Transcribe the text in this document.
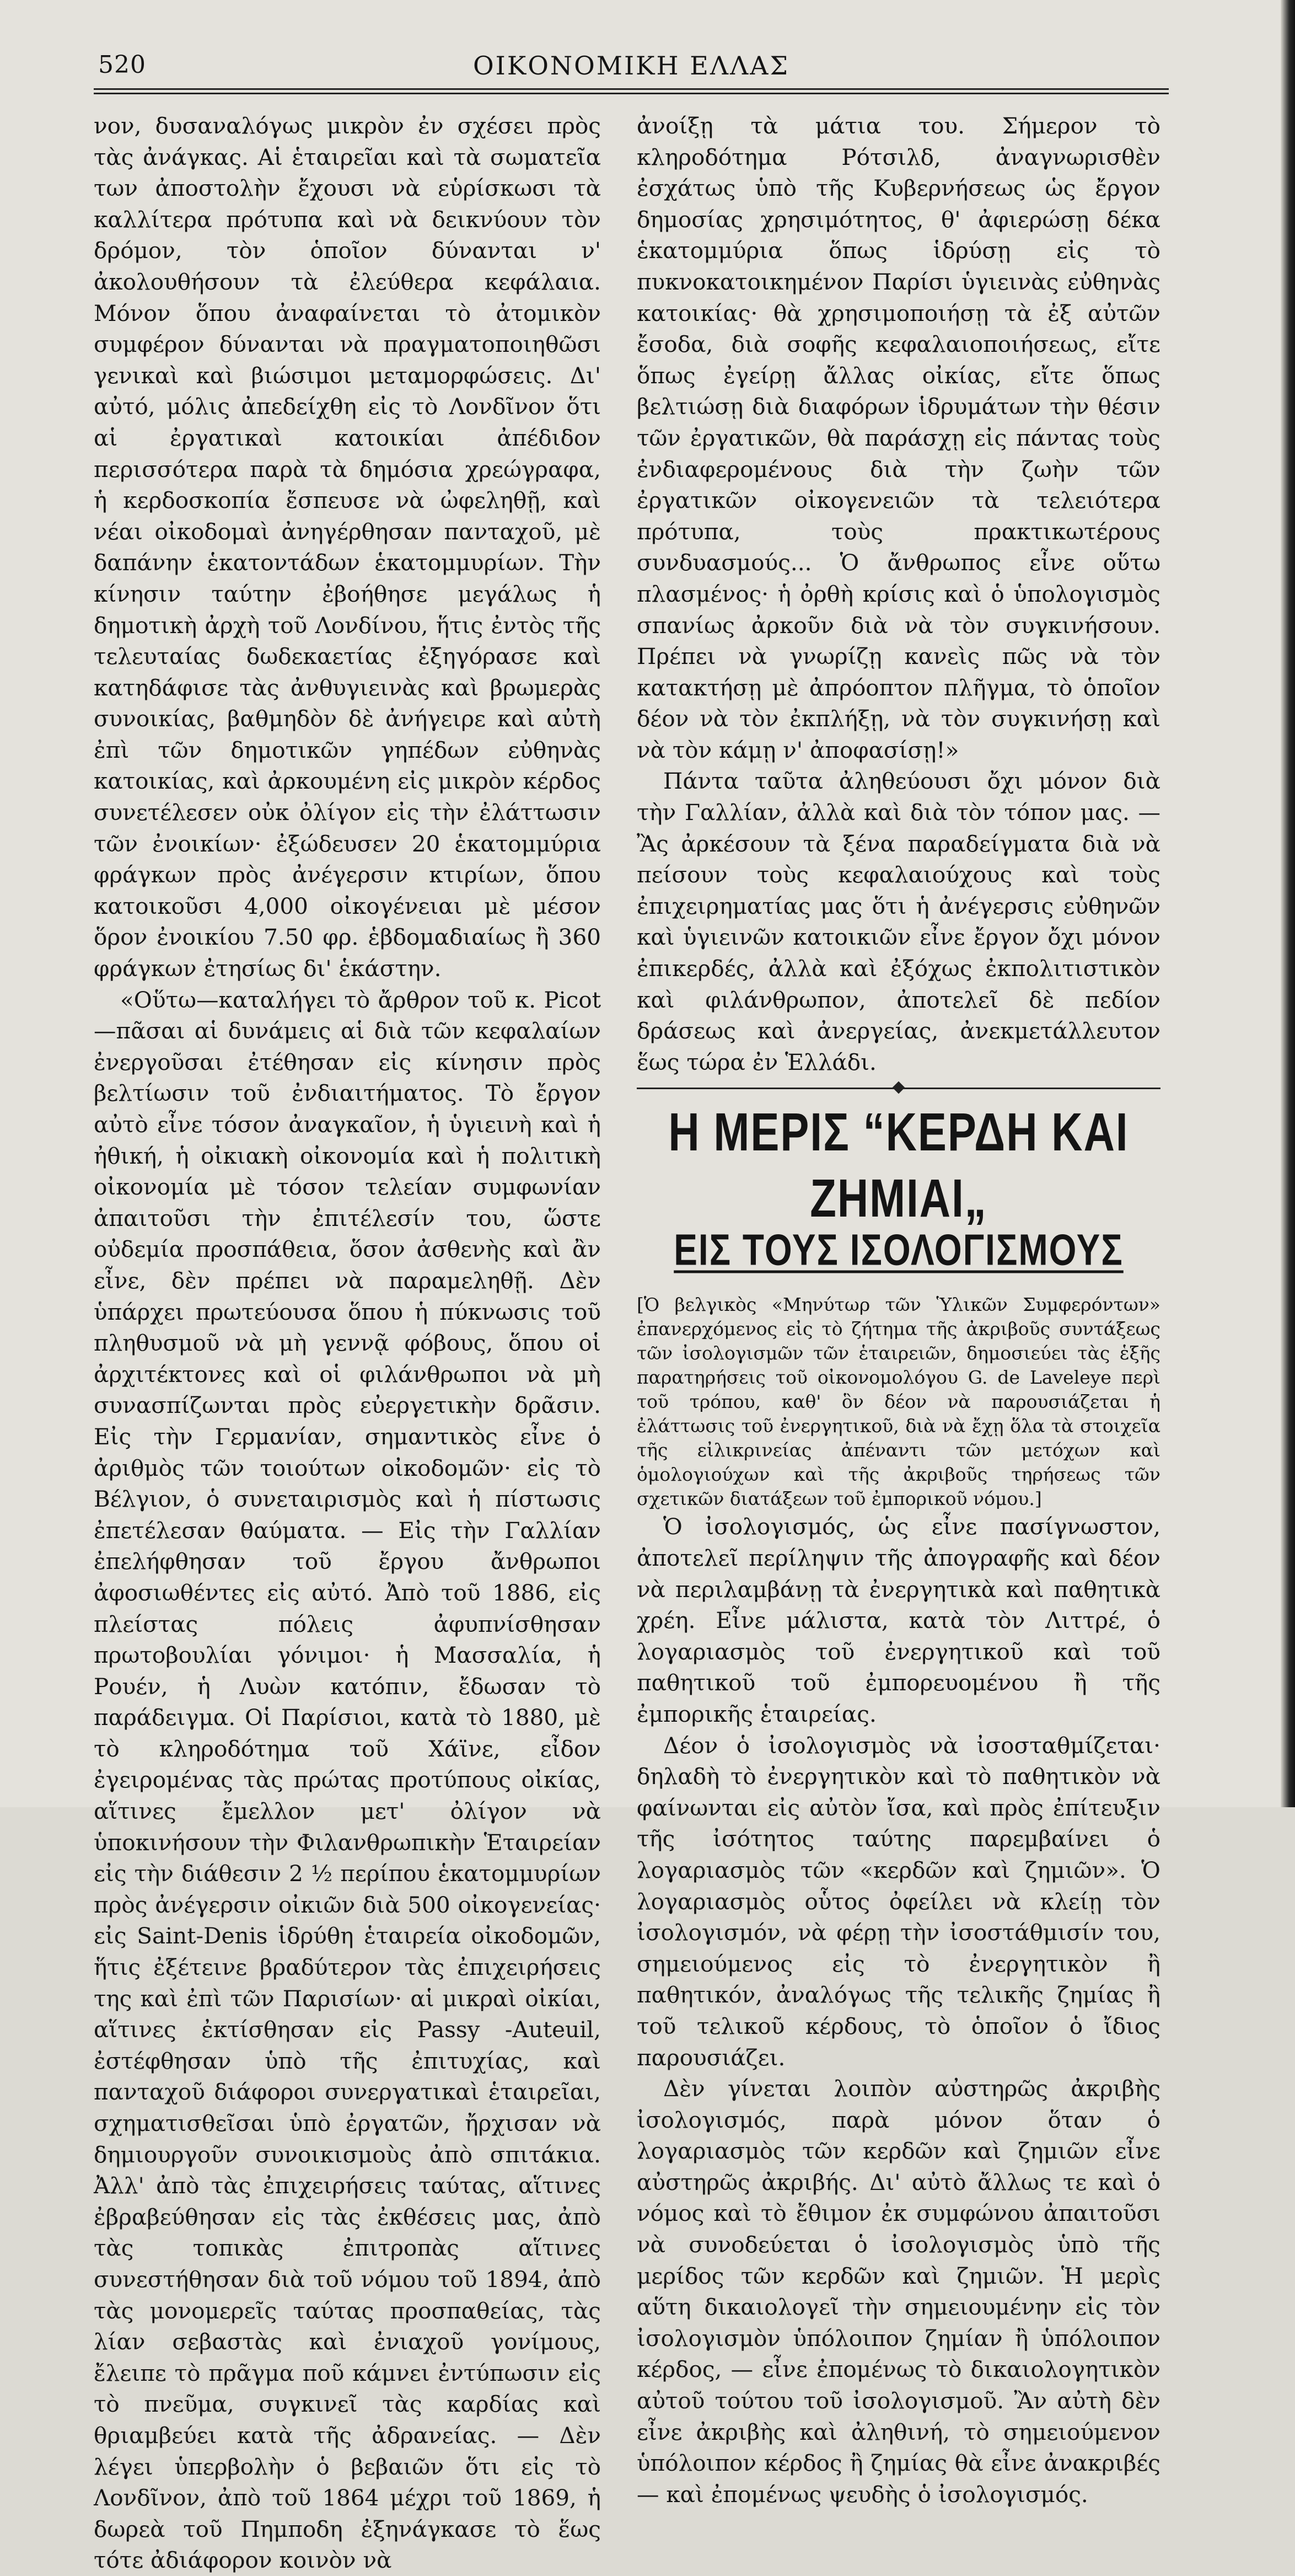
520	ΟΙΚΟΝΟΜΙΚΗ ΕΛΛΑΣ

νον, δυσαναλόγως μικρὸν ἐν σχέσει πρὸς τὰς ἀνάγκας. Αἱ ἑταιρεῖαι καὶ τὰ σωματεῖα των ἀποστολὴν ἔχουσι νὰ εὑρίσκωσι τὰ καλλίτερα πρότυπα καὶ νὰ δεικνύουν τὸν δρόμον, τὸν ὁποῖον δύνανται ν' ἀκολουθήσουν τὰ ἐλεύθερα κεφάλαια. Μόνον ὅπου ἀναφαίνεται τὸ ἀτομικὸν συμφέρον δύνανται νὰ πραγματοποιηθῶσι γενικαὶ καὶ βιώσιμοι μεταμορφώσεις. Δι' αὐτό, μόλις ἀπεδείχθη εἰς τὸ Λονδῖνον ὅτι αἱ ἐργατικαὶ κατοικίαι ἀπέδιδον περισσότερα παρὰ τὰ δημόσια χρεώγραφα, ἡ κερδοσκοπία ἔσπευσε νὰ ὠφεληθῇ, καὶ νέαι οἰκοδομαὶ ἀνηγέρθησαν πανταχοῦ, μὲ δαπάνην ἑκατοντάδων ἑκατομμυρίων. Τὴν κίνησιν ταύτην ἐβοήθησε μεγάλως ἡ δημοτικὴ ἀρχὴ τοῦ Λονδίνου, ἥτις ἐντὸς τῆς τελευταίας δωδεκαετίας ἐξηγόρασε καὶ κατηδάφισε τὰς ἀνθυγιεινὰς καὶ βρωμερὰς συνοικίας, βαθμηδὸν δὲ ἀνήγειρε καὶ αὐτὴ ἐπὶ τῶν δημοτικῶν γηπέδων εὐθηνὰς κατοικίας, καὶ ἀρκουμένη εἰς μικρὸν κέρδος συνετέλεσεν οὐκ ὀλίγον εἰς τὴν ἐλάττωσιν τῶν ἐνοικίων· ἐξώδευσεν 20 ἑκατομμύρια φράγκων πρὸς ἀνέγερσιν κτιρίων, ὅπου κατοικοῦσι 4,000 οἰκογένειαι μὲ μέσον ὅρον ἐνοικίου 7.50 φρ. ἑβδομαδιαίως ἢ 360 φράγκων ἐτησίως δι' ἑκάστην.

«Οὕτω—καταλήγει τὸ ἄρθρον τοῦ κ. Picot—πᾶσαι αἱ δυνάμεις αἱ διὰ τῶν κεφαλαίων ἐνεργοῦσαι ἐτέθησαν εἰς κίνησιν πρὸς βελτίωσιν τοῦ ἐνδιαιτήματος. Τὸ ἔργον αὐτὸ εἶνε τόσον ἀναγκαῖον, ἡ ὑγιεινὴ καὶ ἡ ἠθική, ἡ οἰκιακὴ οἰκονομία καὶ ἡ πολιτικὴ οἰκονομία μὲ τόσον τελείαν συμφωνίαν ἀπαιτοῦσι τὴν ἐπιτέλεσίν του, ὥστε οὐδεμία προσπάθεια, ὅσον ἀσθενὴς καὶ ἂν εἶνε, δὲν πρέπει νὰ παραμεληθῇ. Δὲν ὑπάρχει πρωτεύουσα ὅπου ἡ πύκνωσις τοῦ πληθυσμοῦ νὰ μὴ γεννᾷ φόβους, ὅπου οἱ ἀρχιτέκτονες καὶ οἱ φιλάνθρωποι νὰ μὴ συνασπίζωνται πρὸς εὐεργετικὴν δρᾶσιν. Εἰς τὴν Γερμανίαν, σημαντικὸς εἶνε ὁ ἀριθμὸς τῶν τοιούτων οἰκοδομῶν· εἰς τὸ Βέλγιον, ὁ συνεταιρισμὸς καὶ ἡ πίστωσις ἐπετέλεσαν θαύματα. — Εἰς τὴν Γαλλίαν ἐπελήφθησαν τοῦ ἔργου ἄνθρωποι ἀφοσιωθέντες εἰς αὐτό. Ἀπὸ τοῦ 1886, εἰς πλείστας πόλεις ἀφυπνίσθησαν πρωτοβουλίαι γόνιμοι· ἡ Μασσαλία, ἡ Ρουέν, ἡ Λυὼν κατόπιν, ἔδωσαν τὸ παράδειγμα. Οἱ Παρίσιοι, κατὰ τὸ 1880, μὲ τὸ κληροδότημα τοῦ Χάϊνε, εἶδον ἐγειρομένας τὰς πρώτας προτύπους οἰκίας, αἵτινες ἔμελλον μετ' ὀλίγον νὰ ὑποκινήσουν τὴν Φιλανθρωπικὴν Ἑταιρείαν εἰς τὴν διάθεσιν 2 ½ περίπου ἑκατομμυρίων πρὸς ἀνέγερσιν οἰκιῶν διὰ 500 οἰκογενείας· εἰς Saint-Denis ἱδρύθη ἑταιρεία οἰκοδομῶν, ἥτις ἐξέτεινε βραδύτερον τὰς ἐπιχειρήσεις της καὶ ἐπὶ τῶν Παρισίων· αἱ μικραὶ οἰκίαι, αἵτινες ἐκτίσθησαν εἰς Passy -Auteuil, ἐστέφθησαν ὑπὸ τῆς ἐπιτυχίας, καὶ πανταχοῦ διάφοροι συνεργατικαὶ ἑταιρεῖαι, σχηματισθεῖσαι ὑπὸ ἐργατῶν, ἤρχισαν νὰ δημιουργοῦν συνοικισμοὺς ἀπὸ σπιτάκια. Ἀλλ' ἀπὸ τὰς ἐπιχειρήσεις ταύτας, αἵτινες ἐβραβεύθησαν εἰς τὰς ἐκθέσεις μας, ἀπὸ τὰς τοπικὰς ἐπιτροπὰς αἵτινες συνεστήθησαν διὰ τοῦ νόμου τοῦ 1894, ἀπὸ τὰς μονομερεῖς ταύτας προσπαθείας, τὰς λίαν σεβαστὰς καὶ ἐνιαχοῦ γονίμους, ἔλειπε τὸ πρᾶγμα ποῦ κάμνει ἐντύπωσιν εἰς τὸ πνεῦμα, συγκινεῖ τὰς καρδίας καὶ θριαμβεύει κατὰ τῆς ἀδρανείας. — Δὲν λέγει ὑπερβολὴν ὁ βεβαιῶν ὅτι εἰς τὸ Λονδῖνον, ἀπὸ τοῦ 1864 μέχρι τοῦ 1869, ἡ δωρεὰ τοῦ Πημποδη ἐξηνάγκασε τὸ ἕως τότε ἀδιάφορον κοινὸν νὰ

ἀνοίξῃ τὰ μάτια του. Σήμερον τὸ κληροδότημα Ρότσιλδ, ἀναγνωρισθὲν ἐσχάτως ὑπὸ τῆς Κυβερνήσεως ὡς ἔργον δημοσίας χρησιμότητος, θ' ἀφιερώσῃ δέκα ἑκατομμύρια ὅπως ἱδρύσῃ εἰς τὸ πυκνοκατοικημένον Παρίσι ὑγιεινὰς εὐθηνὰς κατοικίας· θὰ χρησιμοποιήσῃ τὰ ἐξ αὐτῶν ἔσοδα, διὰ σοφῆς κεφαλαιοποιήσεως, εἴτε ὅπως ἐγείρῃ ἄλλας οἰκίας, εἴτε ὅπως βελτιώσῃ διὰ διαφόρων ἱδρυμάτων τὴν θέσιν τῶν ἐργατικῶν, θὰ παράσχῃ εἰς πάντας τοὺς ἐνδιαφερομένους διὰ τὴν ζωὴν τῶν ἐργατικῶν οἰκογενειῶν τὰ τελειότερα πρότυπα, τοὺς πρακτικωτέρους συνδυασμούς... Ὁ ἄνθρωπος εἶνε οὕτω πλασμένος· ἡ ὀρθὴ κρίσις καὶ ὁ ὑπολογισμὸς σπανίως ἀρκοῦν διὰ νὰ τὸν συγκινήσουν. Πρέπει νὰ γνωρίζῃ κανεὶς πῶς νὰ τὸν κατακτήσῃ μὲ ἀπρόοπτον πλῆγμα, τὸ ὁποῖον δέον νὰ τὸν ἐκπλήξῃ, νὰ τὸν συγκινήσῃ καὶ νὰ τὸν κάμῃ ν' ἀποφασίσῃ!»

Πάντα ταῦτα ἀληθεύουσι ὄχι μόνον διὰ τὴν Γαλλίαν, ἀλλὰ καὶ διὰ τὸν τόπον μας. — Ἂς ἀρκέσουν τὰ ξένα παραδείγματα διὰ νὰ πείσουν τοὺς κεφαλαιούχους καὶ τοὺς ἐπιχειρηματίας μας ὅτι ἡ ἀνέγερσις εὐθηνῶν καὶ ὑγιεινῶν κατοικιῶν εἶνε ἔργον ὄχι μόνον ἐπικερδές, ἀλλὰ καὶ ἐξόχως ἐκπολιτιστικὸν καὶ φιλάνθρωπον, ἀποτελεῖ δὲ πεδίον δράσεως καὶ ἀνεργείας, ἀνεκμετάλλευτον ἕως τώρα ἐν Ἑλλάδι.

Η ΜΕΡΙΣ “ΚΕΡΔΗ ΚΑΙ ΖΗΜΙΑΙ„
ΕΙΣ ΤΟΥΣ ΙΣΟΛΟΓΙΣΜΟΥΣ

[Ὁ βελγικὸς «Μηνύτωρ τῶν Ὑλικῶν Συμφερόντων» ἐπανερχόμενος εἰς τὸ ζήτημα τῆς ἀκριβοῦς συντάξεως τῶν ἰσολογισμῶν τῶν ἑταιρειῶν, δημοσιεύει τὰς ἑξῆς παρατηρήσεις τοῦ οἰκονομολόγου G. de Laveleye περὶ τοῦ τρόπου, καθ' ὃν δέον νὰ παρουσιάζεται ἡ ἐλάττωσις τοῦ ἐνεργητικοῦ, διὰ νὰ ἔχῃ ὅλα τὰ στοιχεῖα τῆς εἰλικρινείας ἀπέναντι τῶν μετόχων καὶ ὁμολογιούχων καὶ τῆς ἀκριβοῦς τηρήσεως τῶν σχετικῶν διατάξεων τοῦ ἐμπορικοῦ νόμου.]

Ὁ ἰσολογισμός, ὡς εἶνε πασίγνωστον, ἀποτελεῖ περίληψιν τῆς ἀπογραφῆς καὶ δέον νὰ περιλαμβάνῃ τὰ ἐνεργητικὰ καὶ παθητικὰ χρέη. Εἶνε μάλιστα, κατὰ τὸν Λιττρέ, ὁ λογαριασμὸς τοῦ ἐνεργητικοῦ καὶ τοῦ παθητικοῦ τοῦ ἐμπορευομένου ἢ τῆς ἐμπορικῆς ἑταιρείας.

Δέον ὁ ἰσολογισμὸς νὰ ἰσοσταθμίζεται· δηλαδὴ τὸ ἐνεργητικὸν καὶ τὸ παθητικὸν νὰ φαίνωνται εἰς αὐτὸν ἴσα, καὶ πρὸς ἐπίτευξιν τῆς ἰσότητος ταύτης παρεμβαίνει ὁ λογαριασμὸς τῶν «κερδῶν καὶ ζημιῶν». Ὁ λογαριασμὸς οὗτος ὀφείλει νὰ κλείῃ τὸν ἰσολογισμόν, νὰ φέρῃ τὴν ἰσοστάθμισίν του, σημειούμενος εἰς τὸ ἐνεργητικὸν ἢ παθητικόν, ἀναλόγως τῆς τελικῆς ζημίας ἢ τοῦ τελικοῦ κέρδους, τὸ ὁποῖον ὁ ἴδιος παρουσιάζει.

Δὲν γίνεται λοιπὸν αὐστηρῶς ἀκριβὴς ἰσολογισμός, παρὰ μόνον ὅταν ὁ λογαριασμὸς τῶν κερδῶν καὶ ζημιῶν εἶνε αὐστηρῶς ἀκριβής. Δι' αὐτὸ ἄλλως τε καὶ ὁ νόμος καὶ τὸ ἔθιμον ἐκ συμφώνου ἀπαιτοῦσι νὰ συνοδεύεται ὁ ἰσολογισμὸς ὑπὸ τῆς μερίδος τῶν κερδῶν καὶ ζημιῶν. Ἡ μερὶς αὕτη δικαιολογεῖ τὴν σημειουμένην εἰς τὸν ἰσολογισμὸν ὑπόλοιπον ζημίαν ἢ ὑπόλοιπον κέρδος, — εἶνε ἐπομένως τὸ δικαιολογητικὸν αὐτοῦ τούτου τοῦ ἰσολογισμοῦ. Ἂν αὐτὴ δὲν εἶνε ἀκριβὴς καὶ ἀληθινή, τὸ σημειούμενον ὑπόλοιπον κέρδος ἢ ζημίας θὰ εἶνε ἀνακριβές — καὶ ἐπομένως ψευδὴς ὁ ἰσολογισμός.
